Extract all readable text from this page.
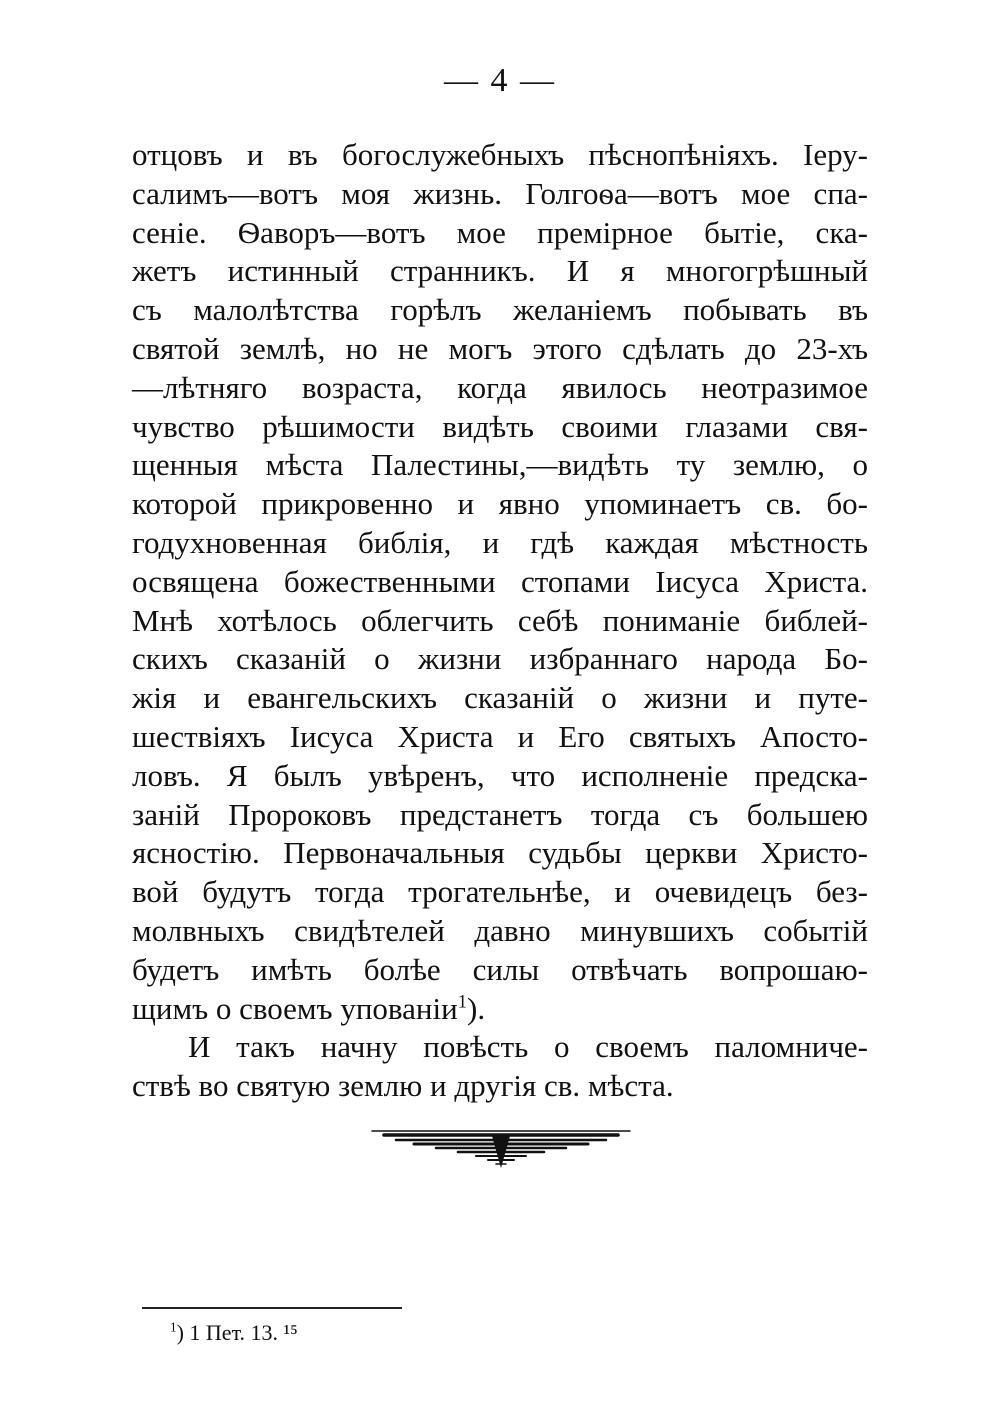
— 4 —
отцовъ и въ богослужебныхъ пѣснопѣніяхъ. Іеру-
салимъ—вотъ моя жизнь. Голгоѳа—вотъ мое спа-
сеніе. Ѳаворъ—вотъ мое премірное бытіе, ска-
жетъ истинный странникъ. И я многогрѣшный
съ малолѣтства горѣлъ желаніемъ побывать въ
святой землѣ, но не могъ этого сдѣлать до 23-хъ
—лѣтняго возраста, когда явилось неотразимое
чувство рѣшимости видѣть своими глазами свя-
щенныя мѣста Палестины,—видѣть ту землю, о
которой прикровенно и явно упоминаетъ св. бо-
годухновенная библія, и гдѣ каждая мѣстность
освящена божественными стопами Іисуса Христа.
Мнѣ хотѣлось облегчить себѣ пониманіе библей-
скихъ сказаній о жизни избраннаго народа Бо-
жія и евангельскихъ сказаній о жизни и путе-
шествіяхъ Іисуса Христа и Его святыхъ Апосто-
ловъ. Я былъ увѣренъ, что исполненіе предска-
заній Пророковъ предстанетъ тогда съ большею
ясностію. Первоначальныя судьбы церкви Христо-
вой будутъ тогда трогательнѣе, и очевидецъ без-
молвныхъ свидѣтелей давно минувшихъ событій
будетъ имѣть болѣе силы отвѣчать вопрошаю-
щимъ о своемъ упованіи$^1$).
И такъ начну повѣсть о своемъ паломниче-
ствѣ во святую землю и другія св. мѣста.
$^1$) 1 Пет. 13. ¹⁵
